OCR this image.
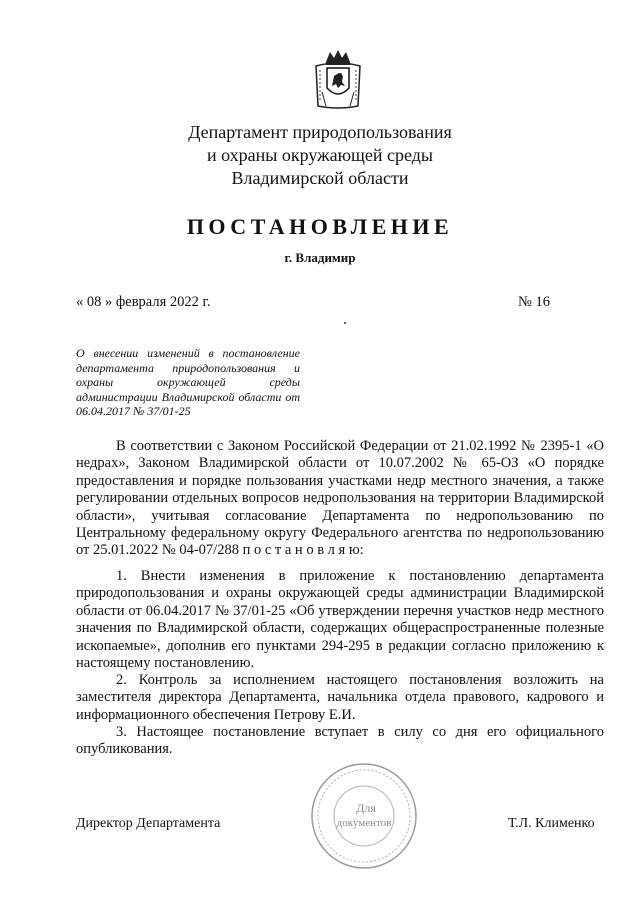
Департамент природопользования
и охраны окружающей среды
Владимирской области
ПОСТАНОВЛЕНИЕ
г. Владимир
« 08 » февраля 2022 г.	№ 16
О внесении изменений в постановление департамента природопользования и охраны окружающей среды администрации Владимирской области от 06.04.2017 № 37/01-25

В соответствии с Законом Российской Федерации от 21.02.1992 № 2395-1 «О недрах», Законом Владимирской области от 10.07.2002 № 65-ОЗ «О порядке предоставления и порядке пользования участками недр местного значения, а также регулировании отдельных вопросов недропользования на территории Владимирской области», учитывая согласование Департамента по недропользованию по Центральному федеральному округу Федерального агентства по недропользованию от 25.01.2022 № 04-07/288 п о с т а н о в л я ю:

1. Внести изменения в приложение к постановлению департамента природопользования и охраны окружающей среды администрации Владимирской области от 06.04.2017 № 37/01-25 «Об утверждении перечня участков недр местного значения по Владимирской области, содержащих общераспространенные полезные ископаемые», дополнив его пунктами 294-295 в редакции согласно приложению к настоящему постановлению.

2. Контроль за исполнением настоящего постановления возложить на заместителя директора Департамента, начальника отдела правового, кадрового и информационного обеспечения Петрову Е.И.

3. Настоящее постановление вступает в силу со дня его официального опубликования.

Для
документов
Директор Департамента	Т.Л. Клименко
